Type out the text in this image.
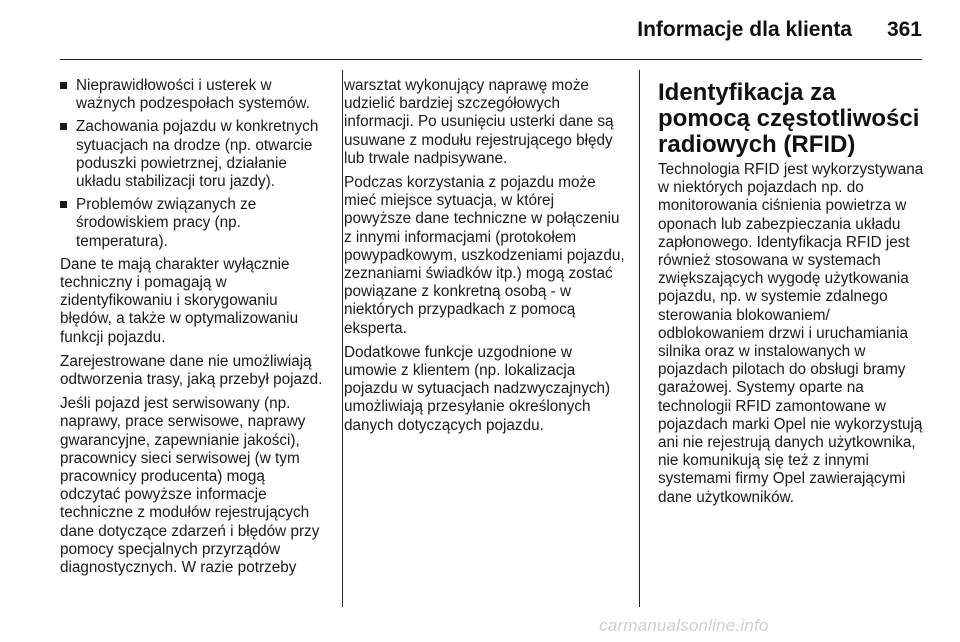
Informacje dla klienta 361
Nieprawidłowości i usterek w ważnych podzespołach systemów.
Zachowania pojazdu w konkretnych sytuacjach na drodze (np. otwarcie poduszki powietrznej, działanie układu stabilizacji toru jazdy).
Problemów związanych ze środowiskiem pracy (np. temperatura).

Dane te mają charakter wyłącznie techniczny i pomagają w zidentyfikowaniu i skorygowaniu błędów, a także w optymalizowaniu funkcji pojazdu.

Zarejestrowane dane nie umożliwiają odtworzenia trasy, jaką przebył pojazd.

Jeśli pojazd jest serwisowany (np. naprawy, prace serwisowe, naprawy gwarancyjne, zapewnianie jakości), pracownicy sieci serwisowej (w tym pracownicy producenta) mogą odczytać powyższe informacje techniczne z modułów rejestrujących dane dotyczące zdarzeń i błędów przy pomocy specjalnych przyrządów diagnostycznych. W razie potrzeby

warsztat wykonujący naprawę może udzielić bardziej szczegółowych informacji. Po usunięciu usterki dane są usuwane z modułu rejestrującego błędy lub trwale nadpisywane.

Podczas korzystania z pojazdu może mieć miejsce sytuacja, w której powyższe dane techniczne w połączeniu z innymi informacjami (protokołem powypadkowym, uszkodzeniami pojazdu, zeznaniami świadków itp.) mogą zostać powiązane z konkretną osobą - w niektórych przypadkach z pomocą eksperta.

Dodatkowe funkcje uzgodnione w umowie z klientem (np. lokalizacja pojazdu w sytuacjach nadzwyczajnych) umożliwiają przesyłanie określonych danych dotyczących pojazdu.

Identyfikacja za pomocą częstotliwości radiowych (RFID)

Technologia RFID jest wykorzystywana w niektórych pojazdach np. do monitorowania ciśnienia powietrza w oponach lub zabezpieczania układu zapłonowego. Identyfikacja RFID jest również stosowana w systemach zwiększających wygodę użytkowania pojazdu, np. w systemie zdalnego sterowania blokowaniem/ odblokowaniem drzwi i uruchamiania silnika oraz w instalowanych w pojazdach pilotach do obsługi bramy garażowej. Systemy oparte na technologii RFID zamontowane w pojazdach marki Opel nie wykorzystują ani nie rejestrują danych użytkownika, nie komunikują się też z innymi systemami firmy Opel zawierającymi dane użytkowników.

carmanualsonline.info
